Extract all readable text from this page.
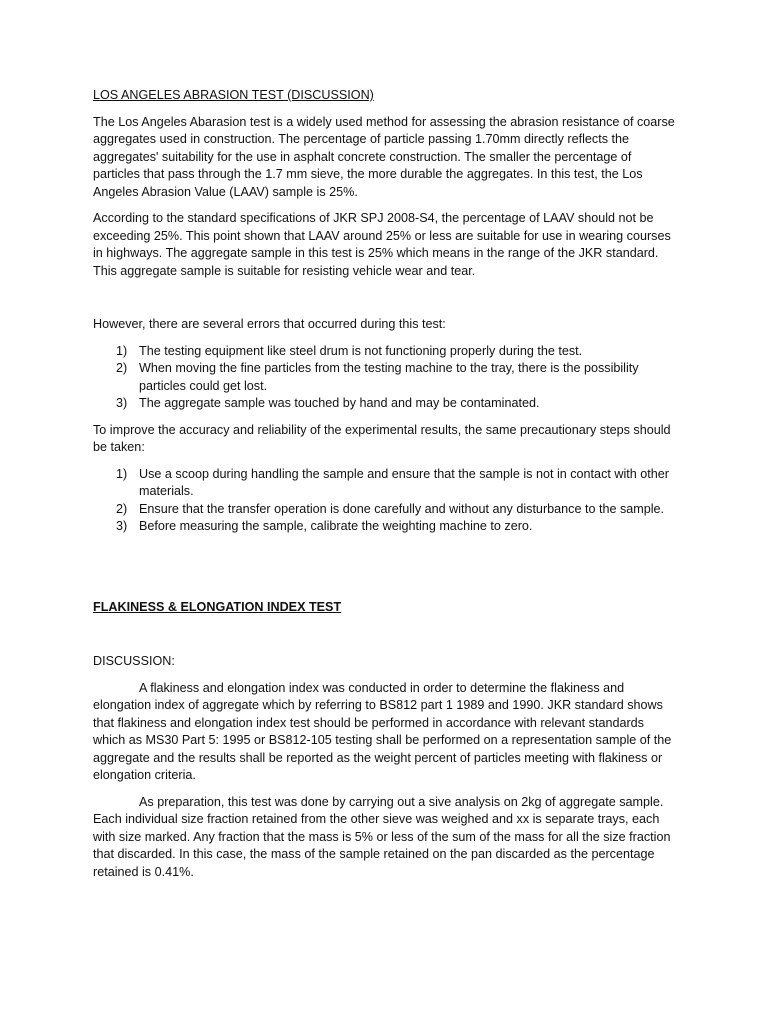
LOS ANGELES ABRASION TEST (DISCUSSION)

The Los Angeles Abarasion test is a widely used method for assessing the abrasion resistance of coarse aggregates used in construction. The percentage of particle passing 1.70mm directly reflects the aggregates' suitability for the use in asphalt concrete construction. The smaller the percentage of particles that pass through the 1.7 mm sieve, the more durable the aggregates. In this test, the Los Angeles Abrasion Value (LAAV) sample is 25%.

According to the standard specifications of JKR SPJ 2008-S4, the percentage of LAAV should not be exceeding 25%. This point shown that LAAV around 25% or less are suitable for use in wearing courses in highways. The aggregate sample in this test is 25% which means in the range of the JKR standard. This aggregate sample is suitable for resisting vehicle wear and tear.

However, there are several errors that occurred during this test:

1) The testing equipment like steel drum is not functioning properly during the test.
2) When moving the fine particles from the testing machine to the tray, there is the possibility particles could get lost.
3) The aggregate sample was touched by hand and may be contaminated.

To improve the accuracy and reliability of the experimental results, the same precautionary steps should be taken:

1) Use a scoop during handling the sample and ensure that the sample is not in contact with other materials.
2) Ensure that the transfer operation is done carefully and without any disturbance to the sample.
3) Before measuring the sample, calibrate the weighting machine to zero.
FLAKINESS & ELONGATION INDEX TEST

DISCUSSION:

A flakiness and elongation index was conducted in order to determine the flakiness and elongation index of aggregate which by referring to BS812 part 1 1989 and 1990. JKR standard shows that flakiness and elongation index test should be performed in accordance with relevant standards which as MS30 Part 5: 1995 or BS812-105 testing shall be performed on a representation sample of the aggregate and the results shall be reported as the weight percent of particles meeting with flakiness or elongation criteria.

As preparation, this test was done by carrying out a sive analysis on 2kg of aggregate sample. Each individual size fraction retained from the other sieve was weighed and xx is separate trays, each with size marked. Any fraction that the mass is 5% or less of the sum of the mass for all the size fraction that discarded. In this case, the mass of the sample retained on the pan discarded as the percentage retained is 0.41%.
